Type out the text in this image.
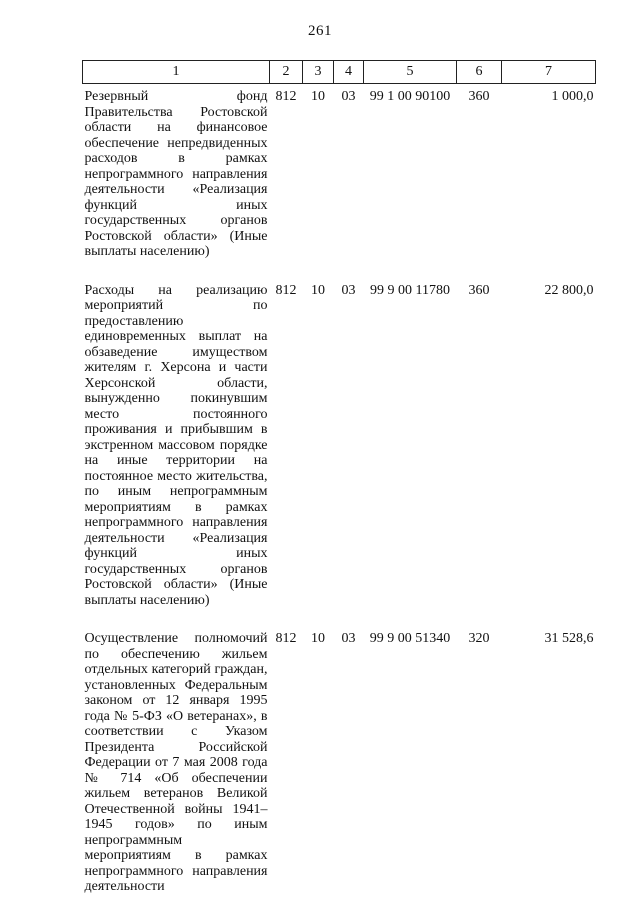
261
1	2	3	4	5	6	7
Резервный фонд Правительства Ростовской области на финансовое обеспечение непредвиденных расходов в рамках непрограммного направления деятельности «Реализация функций иных государственных органов Ростовской области» (Иные выплаты населению)	812	10	03	99 1 00 90100	360	1 000,0
Расходы на реализацию мероприятий по предоставлению единовременных выплат на обзаведение имуществом жителям г. Херсона и части Херсонской области, вынужденно покинувшим место постоянного проживания и прибывшим в экстренном массовом порядке на иные территории на постоянное место жительства, по иным непрограммным мероприятиям в рамках непрограммного направления деятельности «Реализация функций иных государственных органов Ростовской области» (Иные выплаты населению)	812	10	03	99 9 00 11780	360	22 800,0
Осуществление полномочий по обеспечению жильем отдельных категорий граждан, установленных Федеральным законом от 12 января 1995 года № 5-ФЗ «О ветеранах», в соответствии с Указом Президента Российской Федерации от 7 мая 2008 года № 714 «Об обеспечении жильем ветеранов Великой Отечественной войны 1941–1945 годов» по иным непрограммным мероприятиям в рамках непрограммного направления деятельности	812	10	03	99 9 00 51340	320	31 528,6
